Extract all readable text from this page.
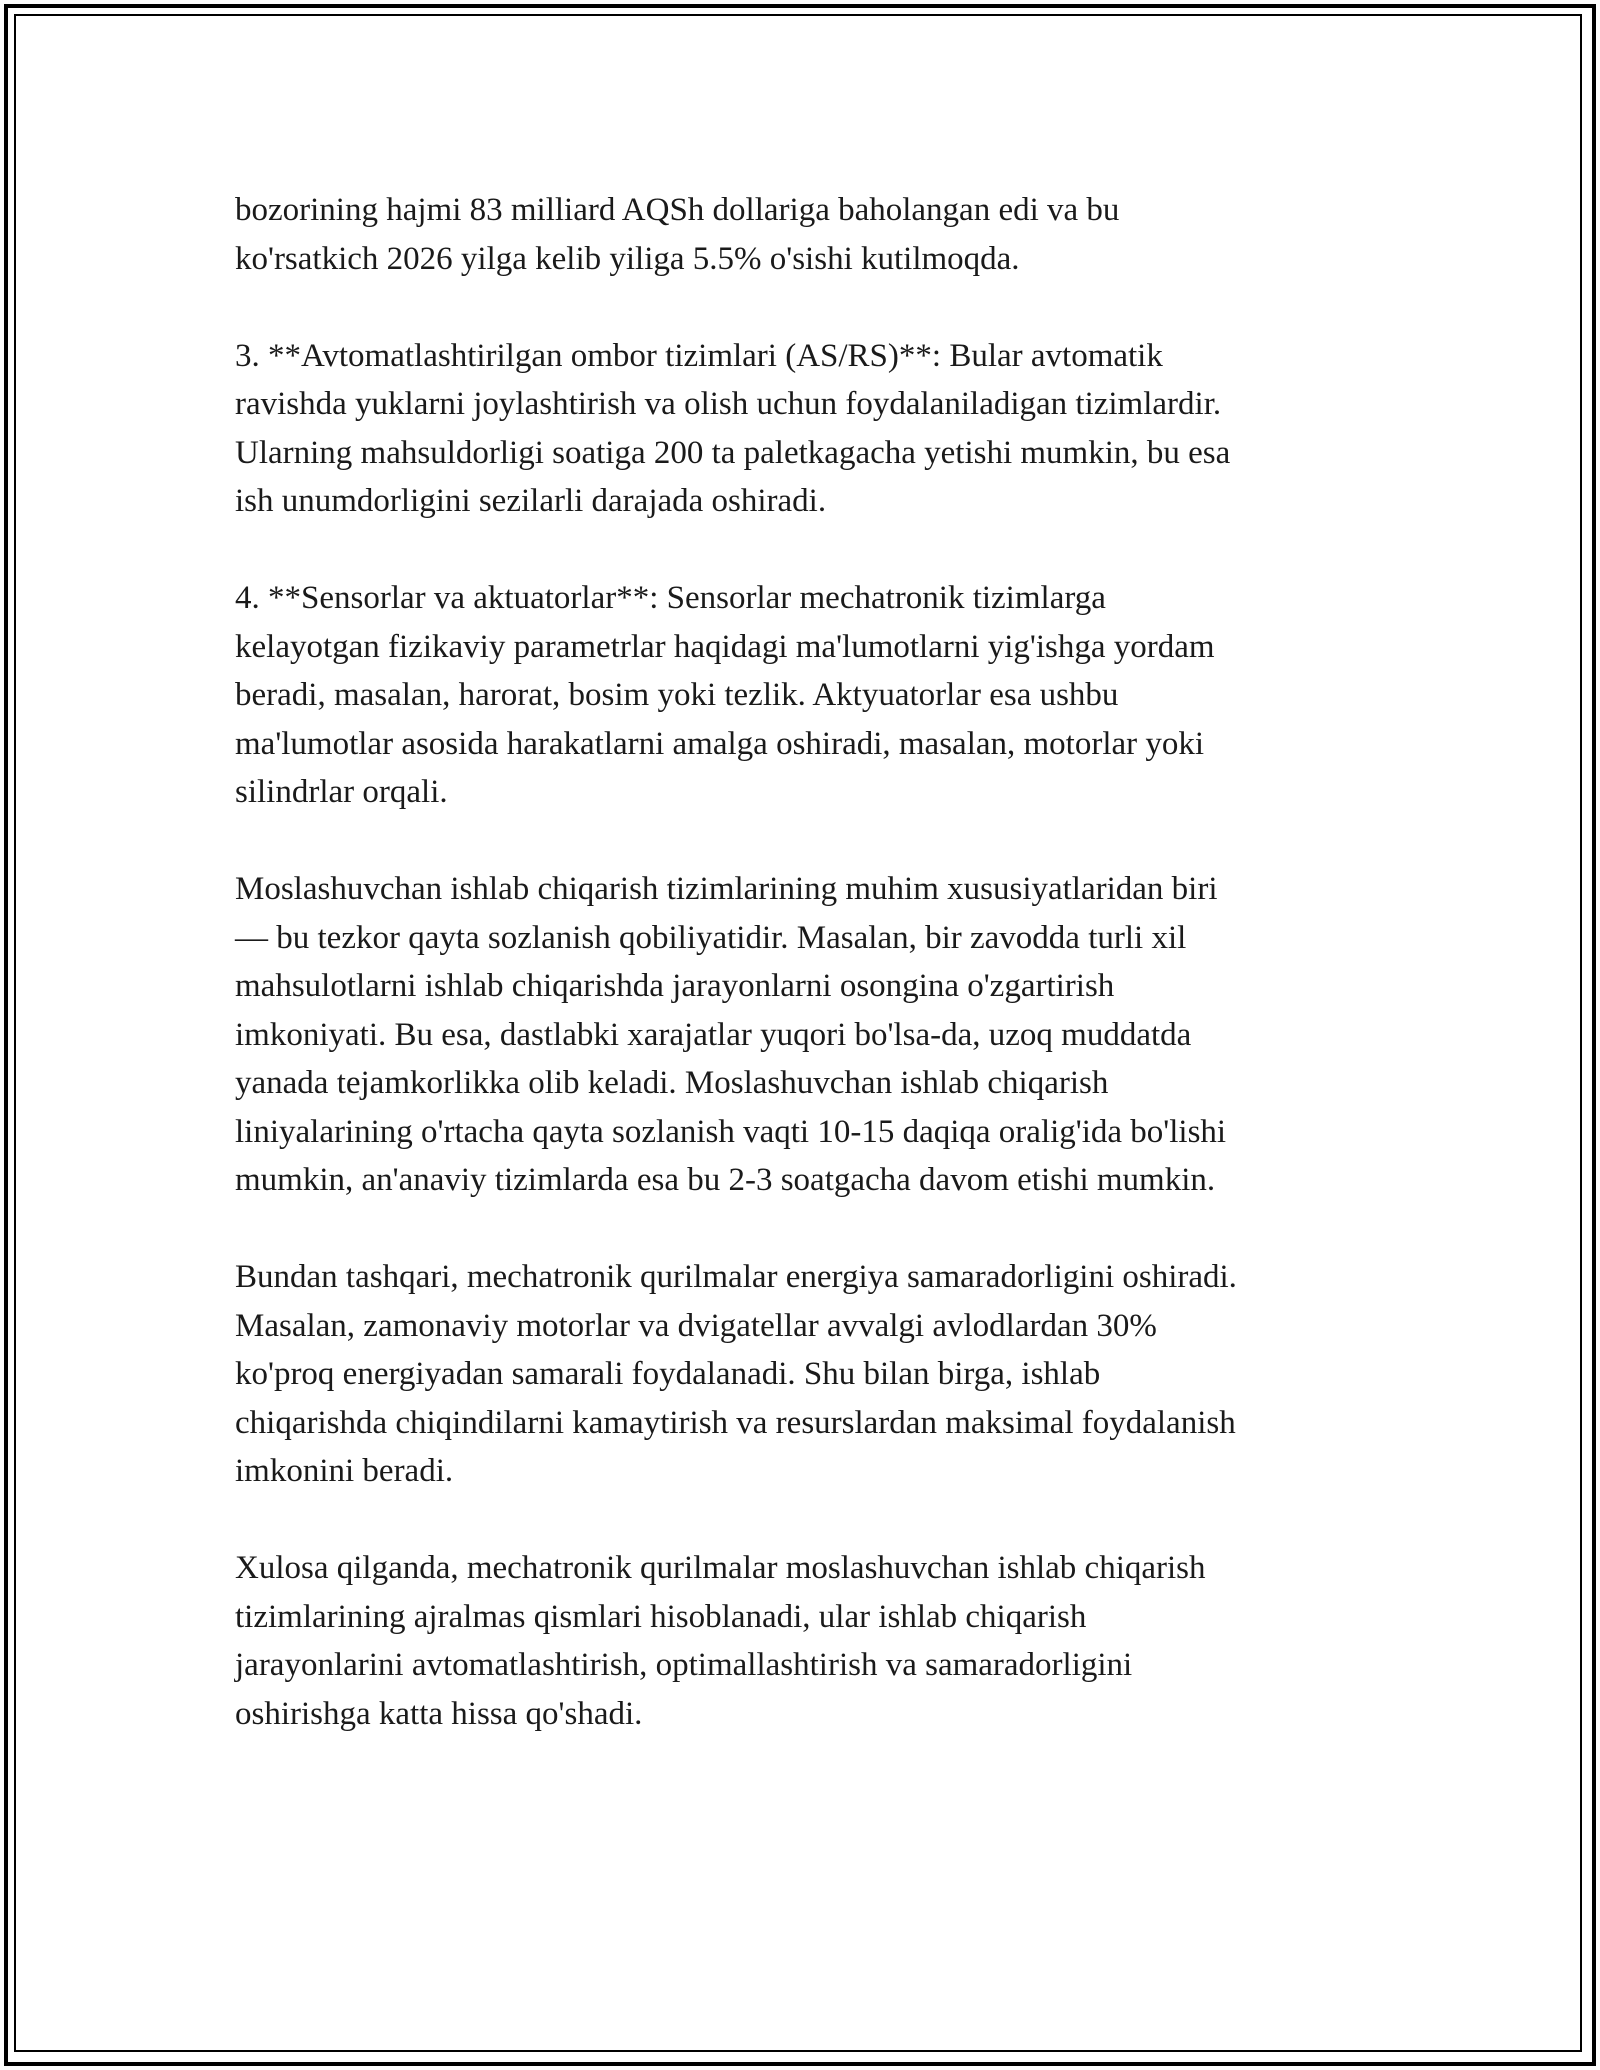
bozorining hajmi 83 milliard AQSh dollariga baholangan edi va bu
ko'rsatkich 2026 yilga kelib yiliga 5.5% o'sishi kutilmoqda.

3. **Avtomatlashtirilgan ombor tizimlari (AS/RS)**: Bular avtomatik
ravishda yuklarni joylashtirish va olish uchun foydalaniladigan tizimlardir.
Ularning mahsuldorligi soatiga 200 ta paletkagacha yetishi mumkin, bu esa
ish unumdorligini sezilarli darajada oshiradi.

4. **Sensorlar va aktuatorlar**: Sensorlar mechatronik tizimlarga
kelayotgan fizikaviy parametrlar haqidagi ma'lumotlarni yig'ishga yordam
beradi, masalan, harorat, bosim yoki tezlik. Aktyuatorlar esa ushbu
ma'lumotlar asosida harakatlarni amalga oshiradi, masalan, motorlar yoki
silindrlar orqali.

Moslashuvchan ishlab chiqarish tizimlarining muhim xususiyatlaridan biri
— bu tezkor qayta sozlanish qobiliyatidir. Masalan, bir zavodda turli xil
mahsulotlarni ishlab chiqarishda jarayonlarni osongina o'zgartirish
imkoniyati. Bu esa, dastlabki xarajatlar yuqori bo'lsa-da, uzoq muddatda
yanada tejamkorlikka olib keladi. Moslashuvchan ishlab chiqarish
liniyalarining o'rtacha qayta sozlanish vaqti 10-15 daqiqa oralig'ida bo'lishi
mumkin, an'anaviy tizimlarda esa bu 2-3 soatgacha davom etishi mumkin.

Bundan tashqari, mechatronik qurilmalar energiya samaradorligini oshiradi.
Masalan, zamonaviy motorlar va dvigatellar avvalgi avlodlardan 30%
ko'proq energiyadan samarali foydalanadi. Shu bilan birga, ishlab
chiqarishda chiqindilarni kamaytirish va resurslardan maksimal foydalanish
imkonini beradi.

Xulosa qilganda, mechatronik qurilmalar moslashuvchan ishlab chiqarish
tizimlarining ajralmas qismlari hisoblanadi, ular ishlab chiqarish
jarayonlarini avtomatlashtirish, optimallashtirish va samaradorligini
oshirishga katta hissa qo'shadi.
